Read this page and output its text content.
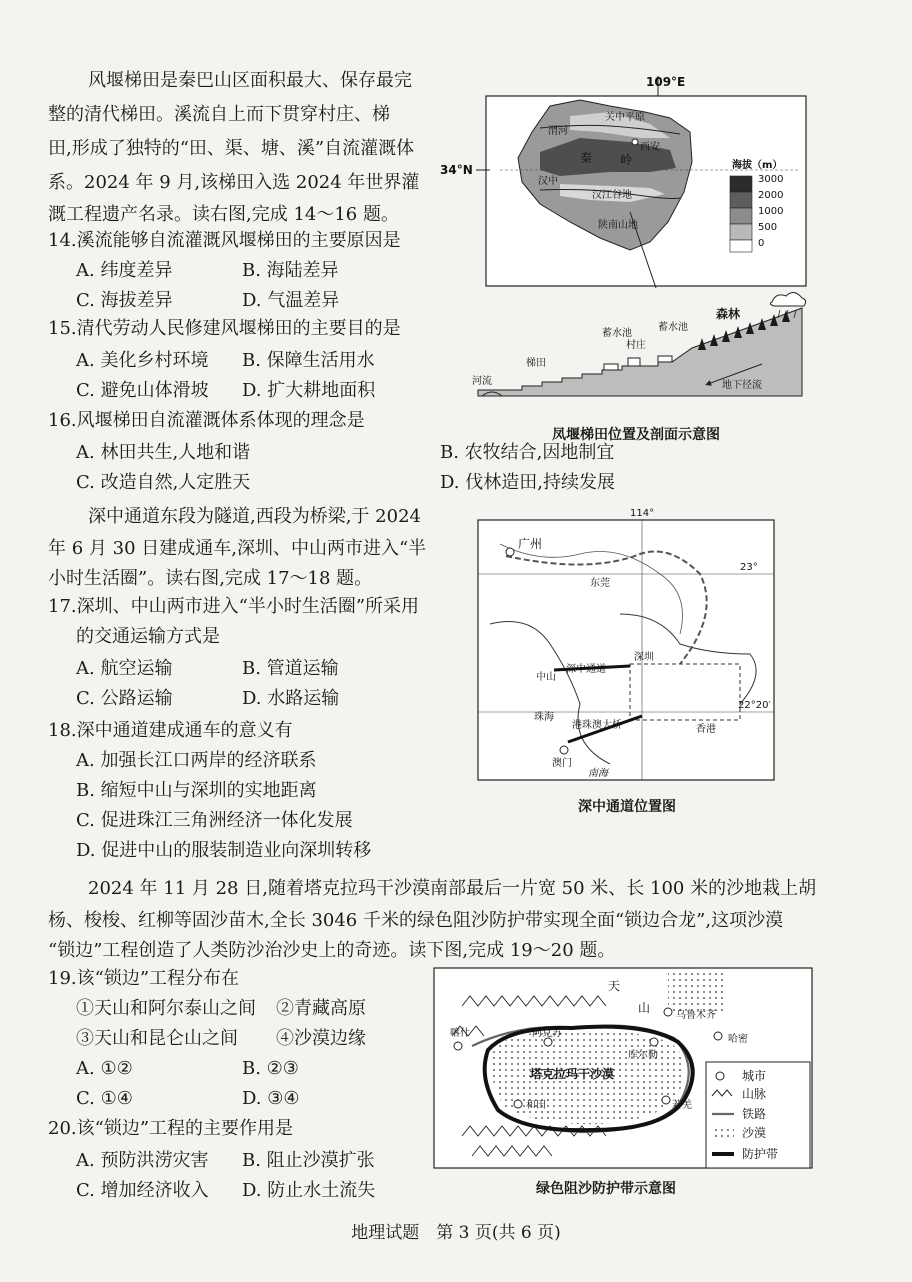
风堰梯田是秦巴山区面积最大、保存最完
整的清代梯田。溪流自上而下贯穿村庄、梯
田,形成了独特的“田、渠、塘、溪”自流灌溉体
系。2024 年 9 月,该梯田入选 2024 年世界灌
溉工程遗产名录。读右图,完成 14～16 题。
14.溪流能够自流灌溉风堰梯田的主要原因是
A. 纬度差异	B. 海陆差异
C. 海拔差异	D. 气温差异
15.清代劳动人民修建风堰梯田的主要目的是
A. 美化乡村环境 B. 保障生活用水
C. 避免山体滑坡 D. 扩大耕地面积
16.风堰梯田自流灌溉体系体现的理念是
A. 林田共生,人地和谐	B. 农牧结合,因地制宜
C. 改造自然,人定胜天	D. 伐林造田,持续发展
109°E
34°N
渭河
关中平原
西安
秦 岭
汉中
汉江谷地
陕南山地
海拔（m）
3000
2000
1000
500
0
森林
蓄水池
村庄
蓄水池
梯田
河流	地下径流
凤堰梯田位置及剖面示意图
深中通道东段为隧道,西段为桥梁,于 2024
年 6 月 30 日建成通车,深圳、中山两市进入“半
小时生活圈”。读右图,完成 17～18 题。
17.深圳、中山两市进入“半小时生活圈”所采用
的交通运输方式是
A. 航空运输	B. 管道运输
C. 公路运输	D. 水路运输
18.深中通道建成通车的意义有
A. 加强长江口两岸的经济联系
B. 缩短中山与深圳的实地距离
C. 促进珠江三角洲经济一体化发展
D. 促进中山的服装制造业向深圳转移
114°
23°
22°20′
广州
东莞
中山
深中通道
深圳
珠海
港珠澳大桥	香港
澳门
南海
深中通道位置图
2024 年 11 月 28 日,随着塔克拉玛干沙漠南部最后一片宽 50 米、长 100 米的沙地栽上胡
杨、梭梭、红柳等固沙苗木,全长 3046 千米的绿色阻沙防护带实现全面“锁边合龙”,这项沙漠
“锁边”工程创造了人类防沙治沙史上的奇迹。读下图,完成 19～20 题。
19.该“锁边”工程分布在
①天山和阿尔泰山之间 ②青藏高原
③天山和昆仑山之间 ④沙漠边缘
A. ①②	B. ②③
C. ①④	D. ③④
20.该“锁边”工程的主要作用是
A. 预防洪涝灾害 B. 阻止沙漠扩张
C. 增加经济收入 D. 防止水土流失
天
山
乌鲁木齐
喀什	阿克苏
库尔勒
哈密
塔克拉玛干沙漠
和田	若羌
城市
山脉
铁路
沙漠
防护带
绿色阻沙防护带示意图
地理试题　第 3 页(共 6 页)
